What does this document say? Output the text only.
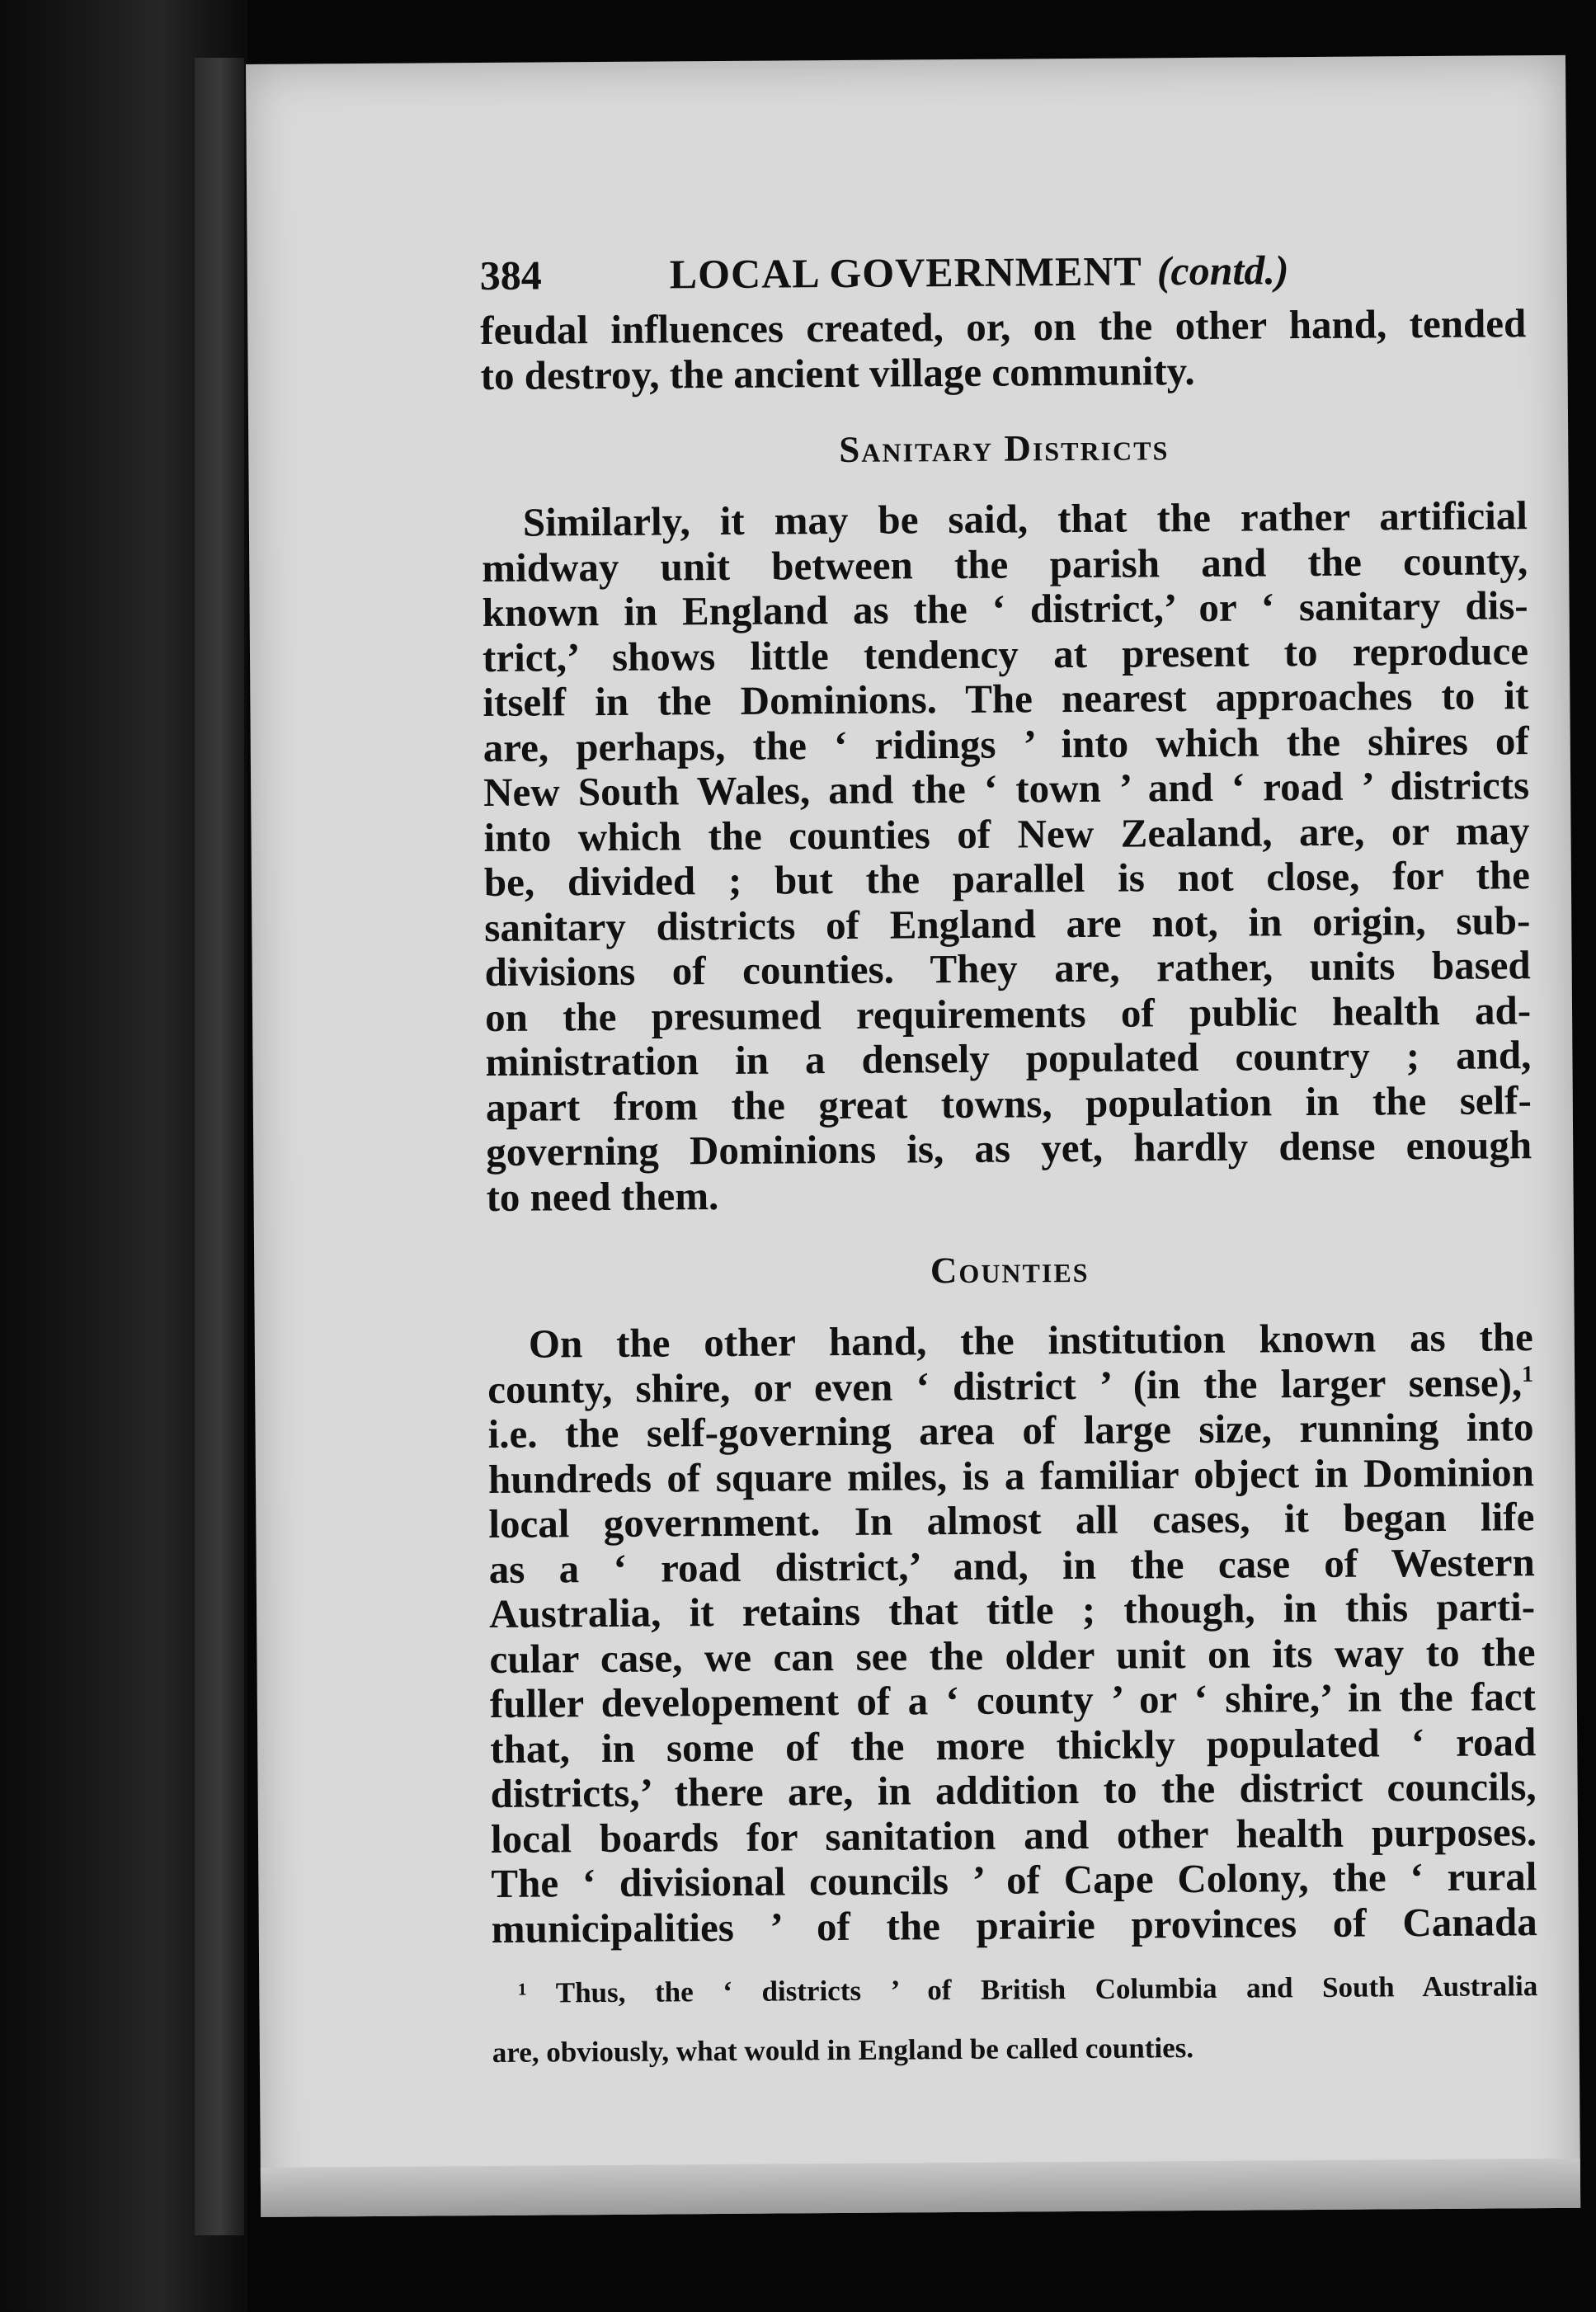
384	LOCAL GOVERNMENT (contd.)

feudal influences created, or, on the other hand, tended

to destroy, the ancient village community.

Sanitary Districts

Similarly, it may be said, that the rather artificial

midway unit between the parish and the county,

known in England as the ‘ district,’ or ‘ sanitary dis-

trict,’ shows little tendency at present to reproduce

itself in the Dominions. The nearest approaches to it

are, perhaps, the ‘ ridings ’ into which the shires of

New South Wales, and the ‘ town ’ and ‘ road ’ districts

into which the counties of New Zealand, are, or may

be, divided ; but the parallel is not close, for the

sanitary districts of England are not, in origin, sub-

divisions of counties. They are, rather, units based

on the presumed requirements of public health ad-

ministration in a densely populated country ; and,

apart from the great towns, population in the self-

governing Dominions is, as yet, hardly dense enough

to need them.

Counties

On the other hand, the institution known as the

county, shire, or even ‘ district ’ (in the larger sense),$^1$

i.e. the self-governing area of large size, running into

hundreds of square miles, is a familiar object in Dominion

local government. In almost all cases, it began life

as a ‘ road district,’ and, in the case of Western

Australia, it retains that title ; though, in this parti-

cular case, we can see the older unit on its way to the

fuller developement of a ‘ county ’ or ‘ shire,’ in the fact

that, in some of the more thickly populated ‘ road

districts,’ there are, in addition to the district councils,

local boards for sanitation and other health purposes.

The ‘ divisional councils ’ of Cape Colony, the ‘ rural

municipalities ’ of the prairie provinces of Canada

¹ Thus, the ‘ districts ’ of British Columbia and South Australia
are, obviously, what would in England be called counties.
